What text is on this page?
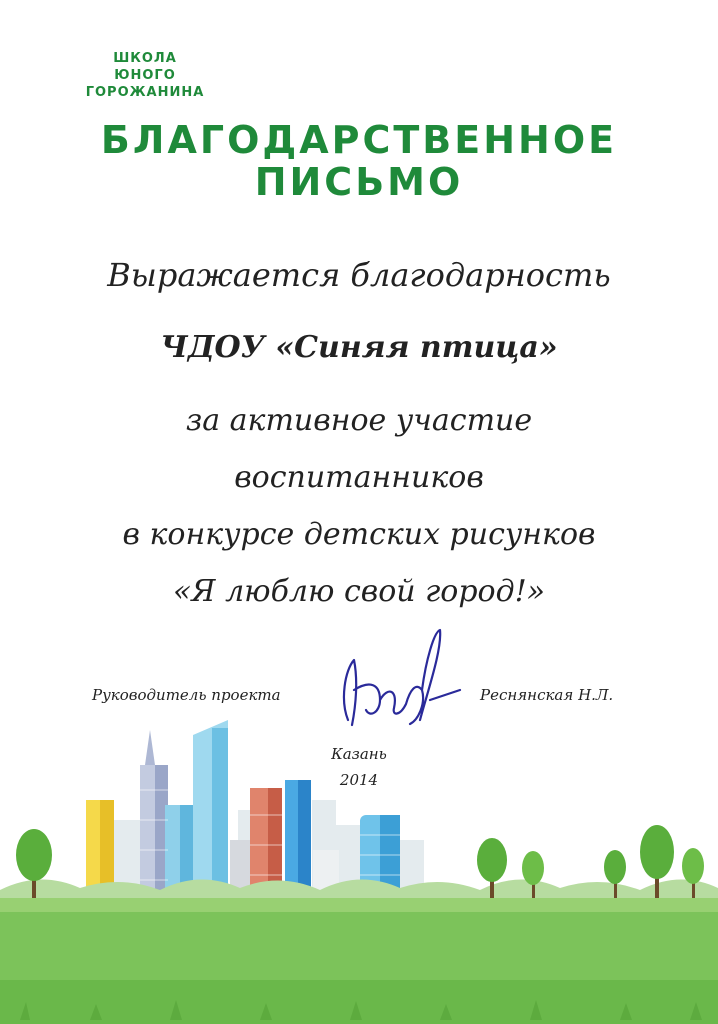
ШКОЛА
ЮНОГО
ГОРОЖАНИНА
БЛАГОДАРСТВЕННОЕ
ПИСЬМО
Выражается благодарность
ЧДОУ «Синяя птица»
за активное участие
воспитанников
в конкурсе детских рисунков
«Я люблю свой город!»
Руководитель проекта	Реснянская Н.Л.
Казань
2014
